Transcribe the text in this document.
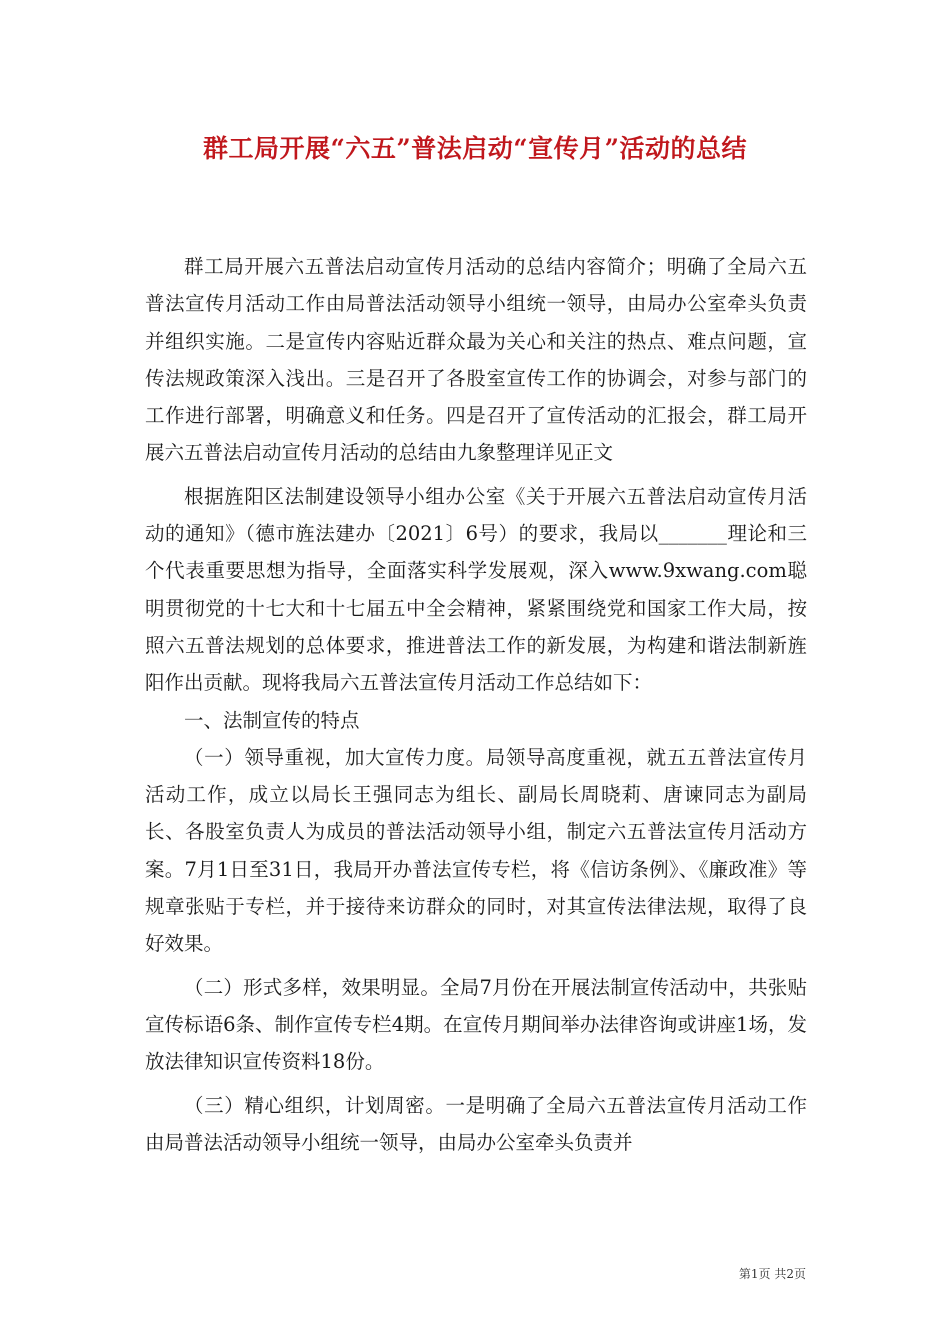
群工局开展“六五”普法启动“宣传月”活动的总结

群工局开展六五普法启动宣传月活动的总结内容简介；明确了全局六五普法宣传月活动工作由局普法活动领导小组统一领导，由局办公室牵头负责并组织实施。二是宣传内容贴近群众最为关心和关注的热点、难点问题，宣传法规政策深入浅出。三是召开了各股室宣传工作的协调会，对参与部门的工作进行部署，明确意义和任务。四是召开了宣传活动的汇报会，群工局开展六五普法启动宣传月活动的总结由九象整理详见正文

根据旌阳区法制建设领导小组办公室《关于开展六五普法启动宣传月活动的通知》（德市旌法建办〔2021〕6号）的要求，我局以_______理论和三个代表重要思想为指导，全面落实科学发展观，深入www.9xwang.com聪明贯彻党的十七大和十七届五中全会精神，紧紧围绕党和国家工作大局，按照六五普法规划的总体要求，推进普法工作的新发展，为构建和谐法制新旌阳作出贡献。现将我局六五普法宣传月活动工作总结如下：

一、法制宣传的特点

（一）领导重视，加大宣传力度。局领导高度重视，就五五普法宣传月活动工作，成立以局长王强同志为组长、副局长周晓莉、唐谏同志为副局长、各股室负责人为成员的普法活动领导小组，制定六五普法宣传月活动方案。7月1日至31日，我局开办普法宣传专栏，将《信访条例》、《廉政准》等规章张贴于专栏，并于接待来访群众的同时，对其宣传法律法规，取得了良好效果。

（二）形式多样，效果明显。全局7月份在开展法制宣传活动中，共张贴宣传标语6条、制作宣传专栏4期。在宣传月期间举办法律咨询或讲座1场，发放法律知识宣传资料18份。

（三）精心组织，计划周密。一是明确了全局六五普法宣传月活动工作由局普法活动领导小组统一领导，由局办公室牵头负责并

第1页 共2页
